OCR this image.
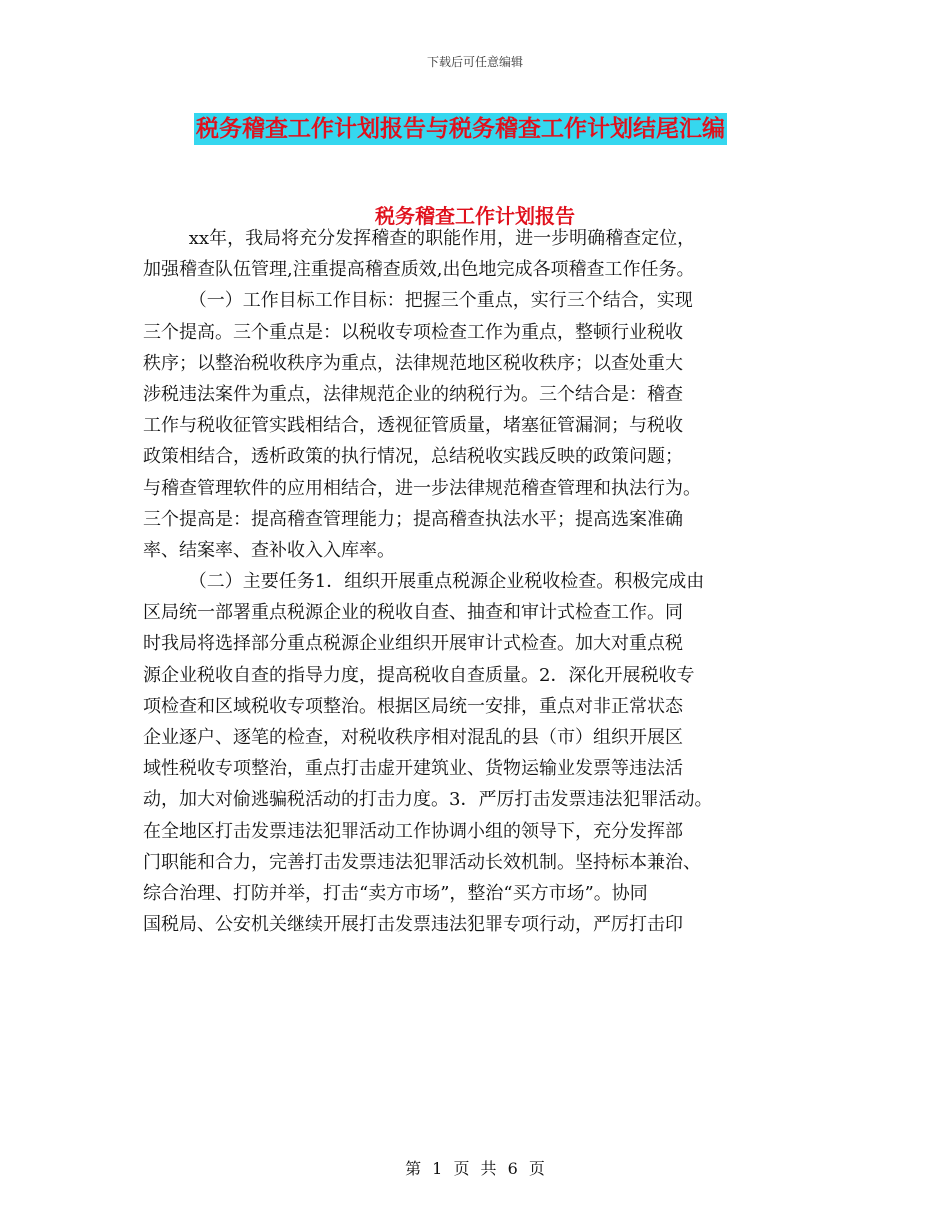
下载后可任意编辑
税务稽查工作计划报告与税务稽查工作计划结尾汇编
税务稽查工作计划报告
xx年，我局将充分发挥稽查的职能作用，进一步明确稽查定位，
加强稽查队伍管理,注重提高稽查质效,出色地完成各项稽查工作任务。
（一）工作目标工作目标：把握三个重点，实行三个结合，实现
三个提高。三个重点是：以税收专项检查工作为重点，整顿行业税收
秩序；以整治税收秩序为重点，法律规范地区税收秩序；以查处重大
涉税违法案件为重点，法律规范企业的纳税行为。三个结合是：稽查
工作与税收征管实践相结合，透视征管质量，堵塞征管漏洞；与税收
政策相结合，透析政策的执行情况，总结税收实践反映的政策问题；
与稽查管理软件的应用相结合，进一步法律规范稽查管理和执法行为。
三个提高是：提高稽查管理能力；提高稽查执法水平；提高选案准确
率、结案率、查补收入入库率。
（二）主要任务1．组织开展重点税源企业税收检查。积极完成由
区局统一部署重点税源企业的税收自查、抽查和审计式检查工作。同
时我局将选择部分重点税源企业组织开展审计式检查。加大对重点税
源企业税收自查的指导力度，提高税收自查质量。2．深化开展税收专
项检查和区域税收专项整治。根据区局统一安排，重点对非正常状态
企业逐户、逐笔的检查，对税收秩序相对混乱的县（市）组织开展区
域性税收专项整治，重点打击虚开建筑业、货物运输业发票等违法活
动，加大对偷逃骗税活动的打击力度。3．严厉打击发票违法犯罪活动。
在全地区打击发票违法犯罪活动工作协调小组的领导下，充分发挥部
门职能和合力，完善打击发票违法犯罪活动长效机制。坚持标本兼治、
综合治理、打防并举，打击“卖方市场”，整治“买方市场”。协同
国税局、公安机关继续开展打击发票违法犯罪专项行动，严厉打击印
第 1 页 共 6 页
